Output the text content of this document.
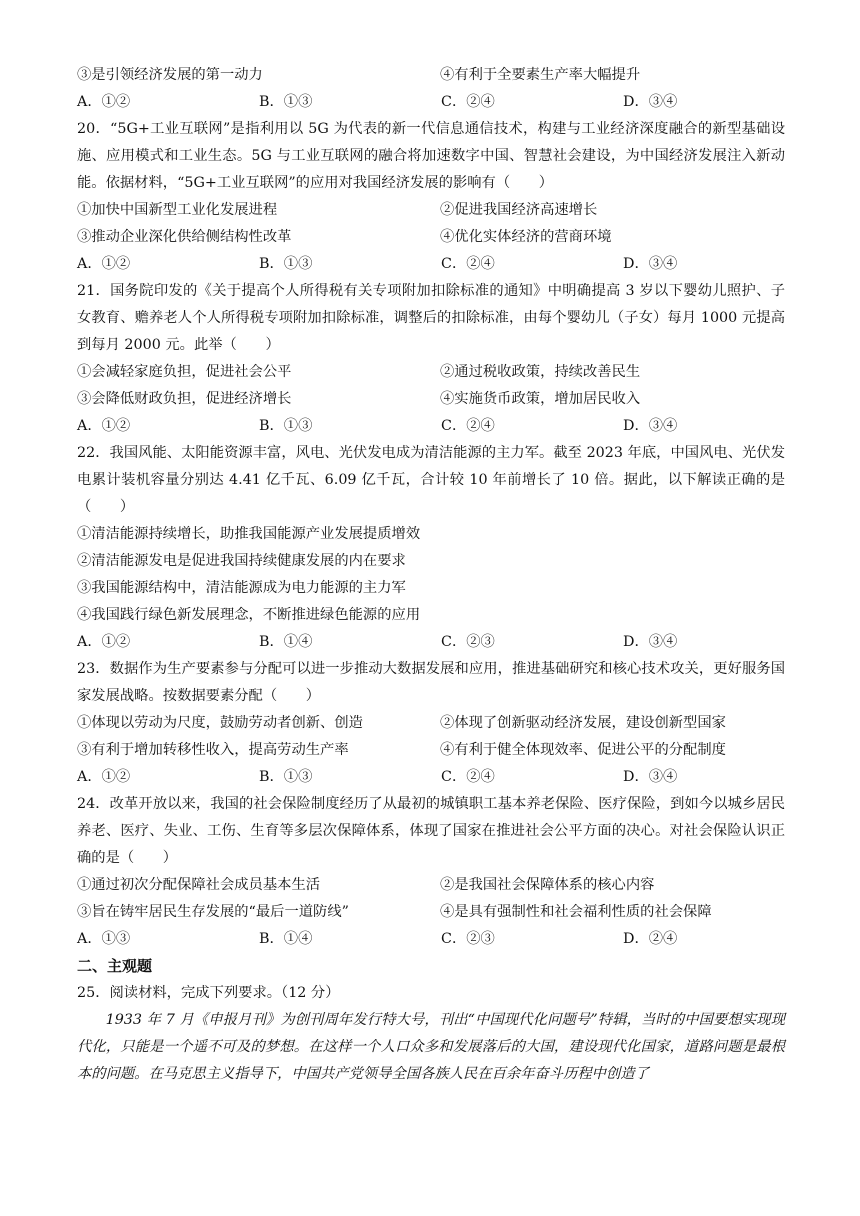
③是引领经济发展的第一动力	④有利于全要素生产率大幅提升
A．①②	B．①③	C．②④	D．③④
20．“5G+工业互联网”是指利用以 5G 为代表的新一代信息通信技术，构建与工业经济深度融合的新型基础设施、应用模式和工业生态。5G 与工业互联网的融合将加速数字中国、智慧社会建设，为中国经济发展注入新动能。依据材料，“5G+工业互联网”的应用对我国经济发展的影响有（　　）
①加快中国新型工业化发展进程	②促进我国经济高速增长
③推动企业深化供给侧结构性改革	④优化实体经济的营商环境
A．①②	B．①③	C．②④	D．③④
21．国务院印发的《关于提高个人所得税有关专项附加扣除标准的通知》中明确提高 3 岁以下婴幼儿照护、子女教育、赡养老人个人所得税专项附加扣除标准，调整后的扣除标准，由每个婴幼儿（子女）每月 1000 元提高到每月 2000 元。此举（　　）
①会减轻家庭负担，促进社会公平	②通过税收政策，持续改善民生
③会降低财政负担，促进经济增长	④实施货币政策，增加居民收入
A．①②	B．①③	C．②④	D．③④
22．我国风能、太阳能资源丰富，风电、光伏发电成为清洁能源的主力军。截至 2023 年底，中国风电、光伏发电累计装机容量分别达 4.41 亿千瓦、6.09 亿千瓦，合计较 10 年前增长了 10 倍。据此，以下解读正确的是（　　）
①清洁能源持续增长，助推我国能源产业发展提质增效
②清洁能源发电是促进我国持续健康发展的内在要求
③我国能源结构中，清洁能源成为电力能源的主力军
④我国践行绿色新发展理念，不断推进绿色能源的应用
A．①②	B．①④	C．②③	D．③④
23．数据作为生产要素参与分配可以进一步推动大数据发展和应用，推进基础研究和核心技术攻关，更好服务国家发展战略。按数据要素分配（　　）
①体现以劳动为尺度，鼓励劳动者创新、创造	②体现了创新驱动经济发展，建设创新型国家
③有利于增加转移性收入，提高劳动生产率	④有利于健全体现效率、促进公平的分配制度
A．①②	B．①③	C．②④	D．③④
24．改革开放以来，我国的社会保险制度经历了从最初的城镇职工基本养老保险、医疗保险，到如今以城乡居民养老、医疗、失业、工伤、生育等多层次保障体系，体现了国家在推进社会公平方面的决心。对社会保险认识正确的是（　　）
①通过初次分配保障社会成员基本生活	②是我国社会保障体系的核心内容
③旨在铸牢居民生存发展的“最后一道防线”	④是具有强制性和社会福利性质的社会保障
A．①③	B．①④	C．②③	D．②④
二、主观题
25．阅读材料，完成下列要求。（12 分）
1933 年 7 月《申报月刊》为创刊周年发行特大号，刊出“中国现代化问题号”特辑，当时的中国要想实现现代化，只能是一个遥不可及的梦想。在这样一个人口众多和发展落后的大国，建设现代化国家，道路问题是最根本的问题。在马克思主义指导下，中国共产党领导全国各族人民在百余年奋斗历程中创造了
